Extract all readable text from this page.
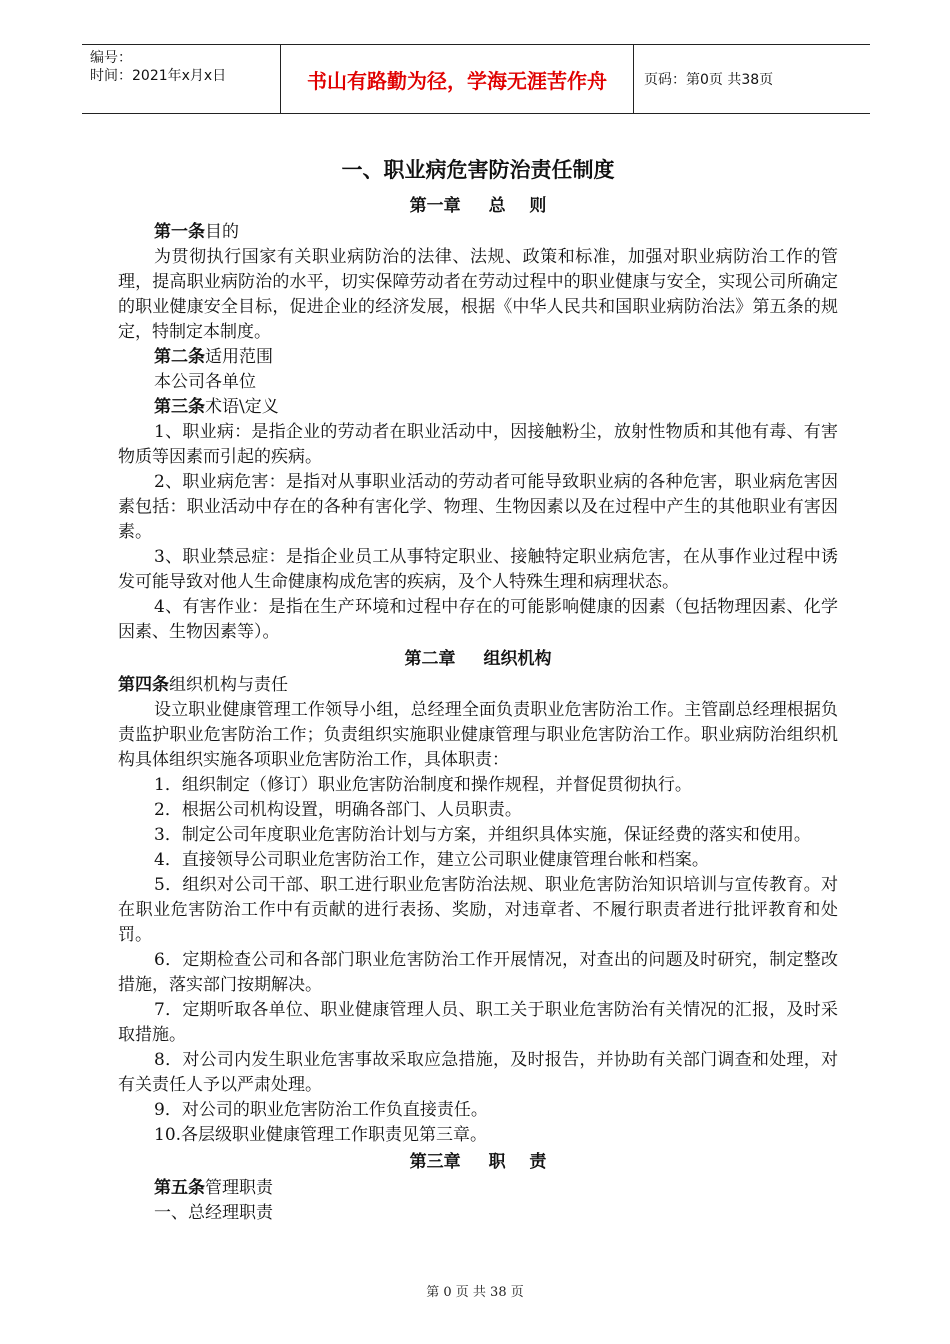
编号：
时间：2021年x月x日	书山有路勤为径，学海无涯苦作舟	页码：第0页 共38页
一、职业病危害防治责任制度
第一章 总    则

第一条目的

为贯彻执行国家有关职业病防治的法律、法规、政策和标准，加强对职业病防治工作的管理，提高职业病防治的水平，切实保障劳动者在劳动过程中的职业健康与安全，实现公司所确定的职业健康安全目标，促进企业的经济发展，根据《中华人民共和国职业病防治法》第五条的规定，特制定本制度。

第二条适用范围

本公司各单位

第三条术语\定义

1、职业病：是指企业的劳动者在职业活动中，因接触粉尘，放射性物质和其他有毒、有害物质等因素而引起的疾病。

2、职业病危害：是指对从事职业活动的劳动者可能导致职业病的各种危害，职业病危害因素包括：职业活动中存在的各种有害化学、物理、生物因素以及在过程中产生的其他职业有害因素。

3、职业禁忌症：是指企业员工从事特定职业、接触特定职业病危害，在从事作业过程中诱发可能导致对他人生命健康构成危害的疾病，及个人特殊生理和病理状态。

4、有害作业：是指在生产环境和过程中存在的可能影响健康的因素（包括物理因素、化学因素、生物因素等）。

第二章 组织机构

第四条组织机构与责任

设立职业健康管理工作领导小组，总经理全面负责职业危害防治工作。主管副总经理根据负责监护职业危害防治工作；负责组织实施职业健康管理与职业危害防治工作。职业病防治组织机构具体组织实施各项职业危害防治工作，具体职责：

1．组织制定（修订）职业危害防治制度和操作规程，并督促贯彻执行。

2．根据公司机构设置，明确各部门、人员职责。

3．制定公司年度职业危害防治计划与方案，并组织具体实施，保证经费的落实和使用。

4．直接领导公司职业危害防治工作，建立公司职业健康管理台帐和档案。

5．组织对公司干部、职工进行职业危害防治法规、职业危害防治知识培训与宣传教育。对在职业危害防治工作中有贡献的进行表扬、奖励，对违章者、不履行职责者进行批评教育和处罚。

6．定期检查公司和各部门职业危害防治工作开展情况，对查出的问题及时研究，制定整改措施，落实部门按期解决。

7．定期听取各单位、职业健康管理人员、职工关于职业危害防治有关情况的汇报，及时采取措施。

8．对公司内发生职业危害事故采取应急措施，及时报告，并协助有关部门调查和处理，对有关责任人予以严肃处理。

9．对公司的职业危害防治工作负直接责任。

10.各层级职业健康管理工作职责见第三章。

第三章 职    责

第五条管理职责

一、总经理职责

第 0 页 共 38 页
